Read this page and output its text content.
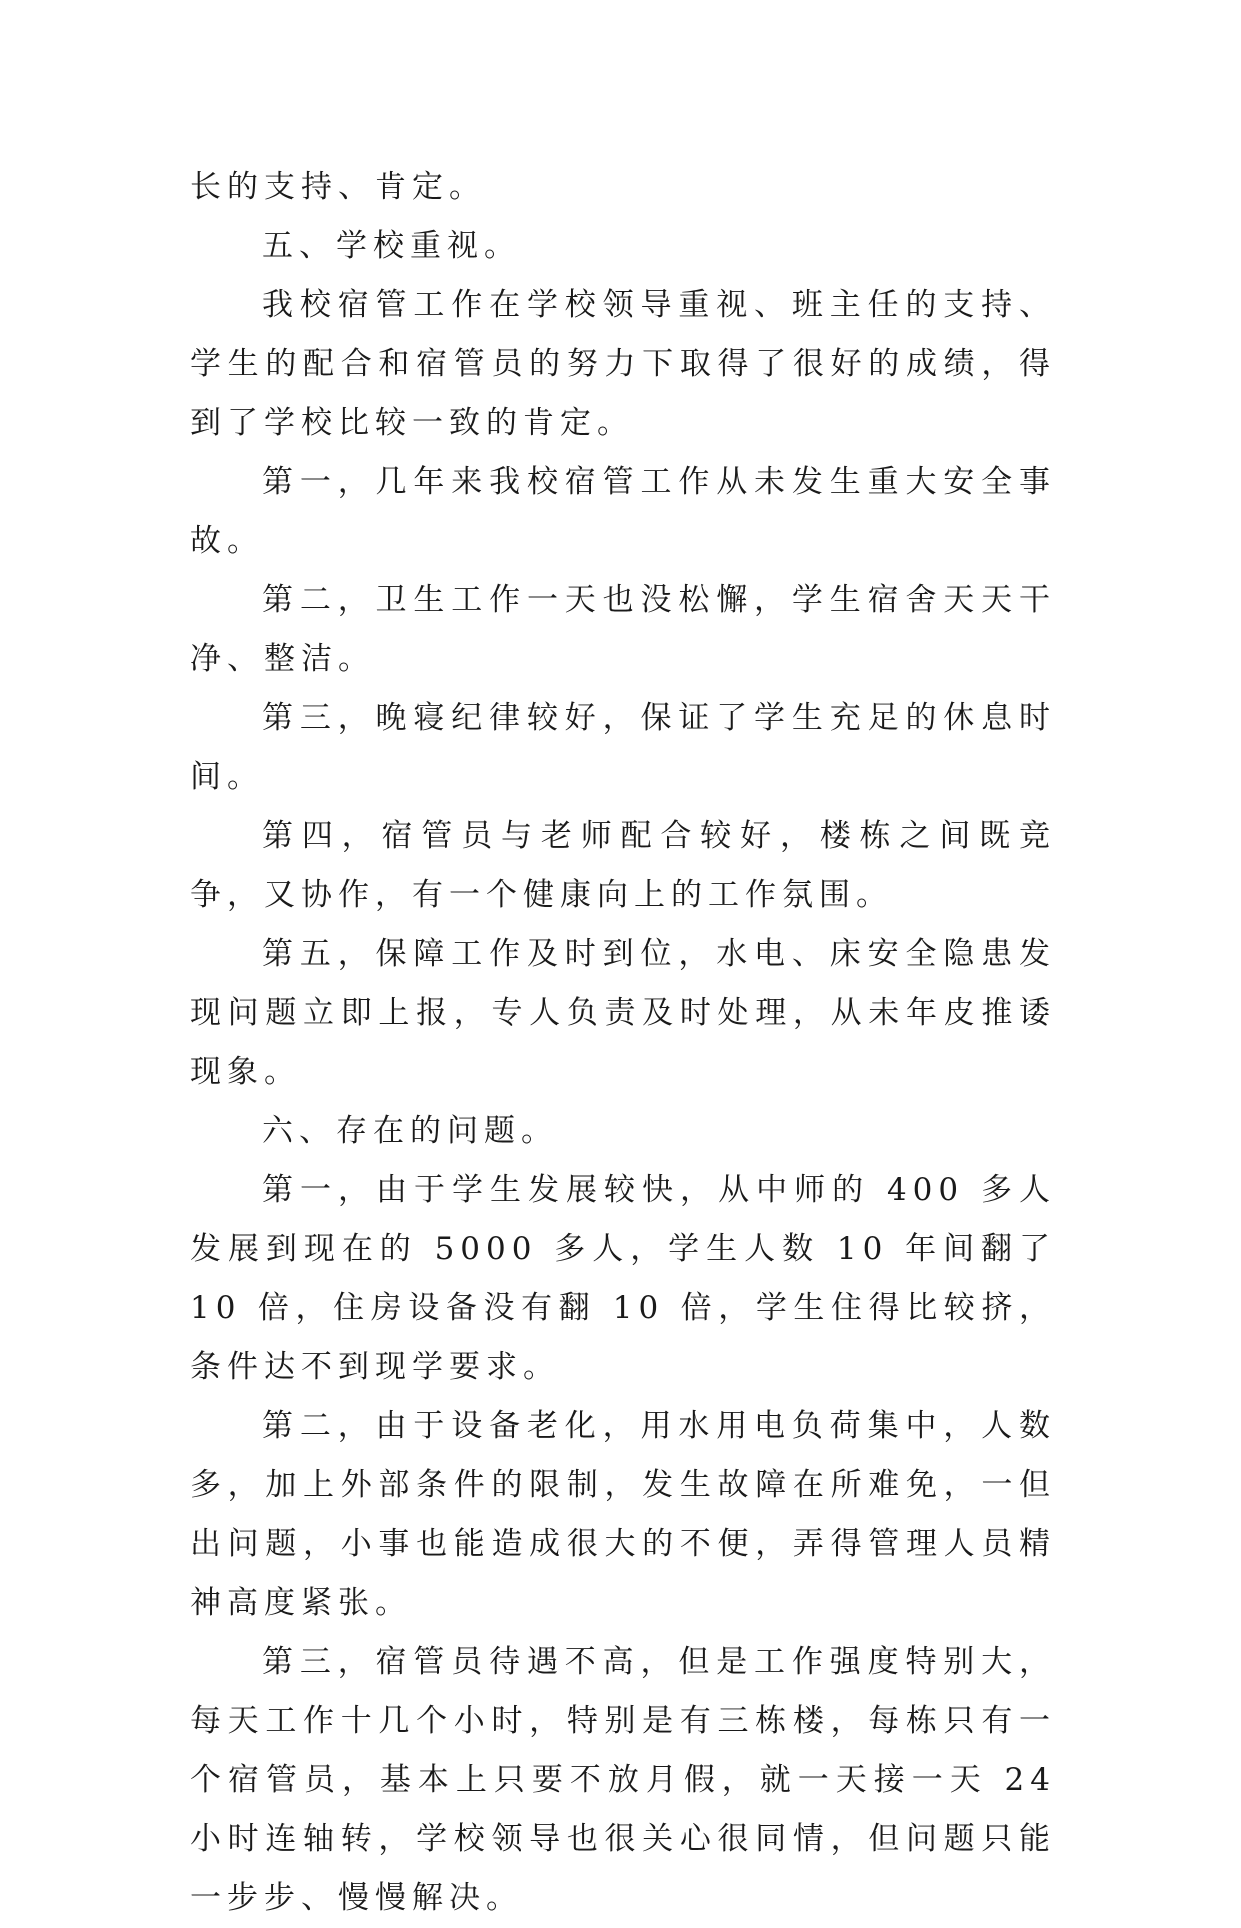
长的支持、肯定。

五、学校重视。

我校宿管工作在学校领导重视、班主任的支持、学生的配合和宿管员的努力下取得了很好的成绩，得到了学校比较一致的肯定。

第一，几年来我校宿管工作从未发生重大安全事故。

第二，卫生工作一天也没松懈，学生宿舍天天干净、整洁。

第三，晚寝纪律较好，保证了学生充足的休息时间。

第四，宿管员与老师配合较好，楼栋之间既竞争，又协作，有一个健康向上的工作氛围。

第五，保障工作及时到位，水电、床安全隐患发现问题立即上报，专人负责及时处理，从未年皮推诿现象。

六、存在的问题。

第一，由于学生发展较快，从中师的 400 多人发展到现在的 5000 多人，学生人数 10 年间翻了 10 倍，住房设备没有翻 10 倍，学生住得比较挤，条件达不到现学要求。

第二，由于设备老化，用水用电负荷集中，人数多，加上外部条件的限制，发生故障在所难免，一但出问题，小事也能造成很大的不便，弄得管理人员精神高度紧张。

第三，宿管员待遇不高，但是工作强度特别大，每天工作十几个小时，特别是有三栋楼，每栋只有一个宿管员，基本上只要不放月假，就一天接一天 24 小时连轴转，学校领导也很关心很同情，但问题只能一步步、慢慢解决。
